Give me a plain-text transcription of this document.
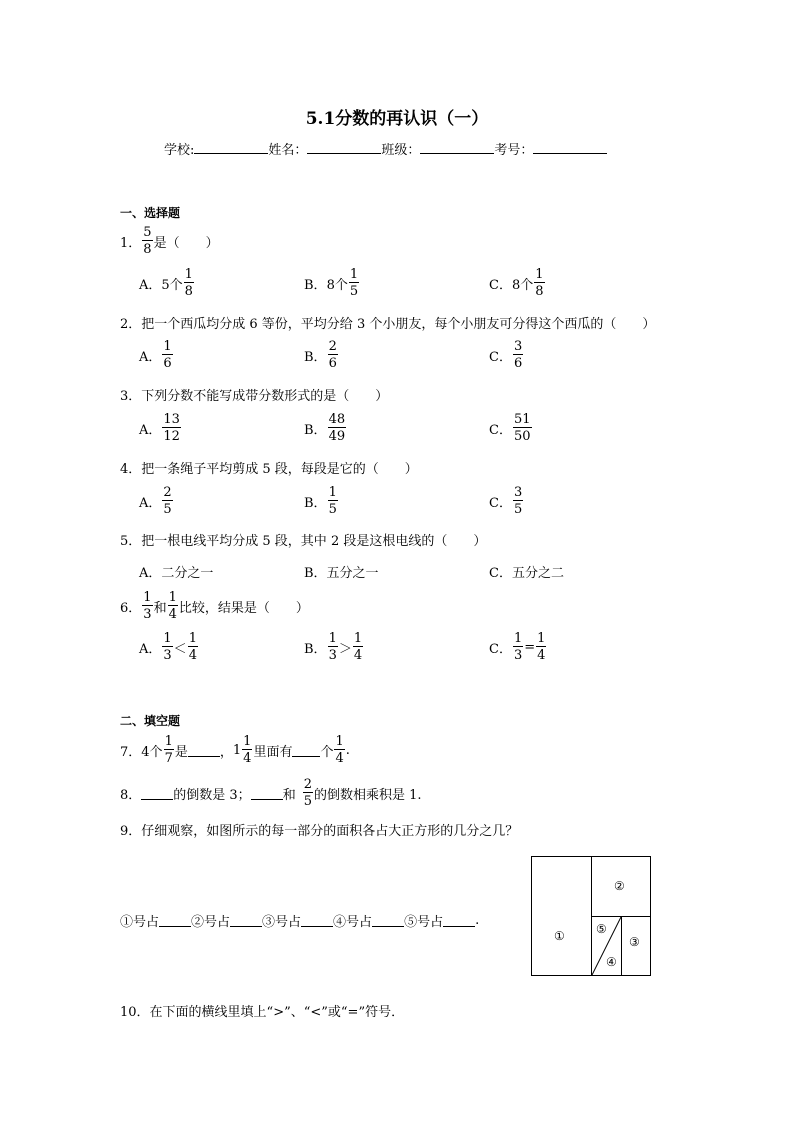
5.1分数的再认识（一）
学校:	姓名：	班级：	考号：
一、选择题
1． $\frac{5}{8}$ 是（　　）
A． 5个 $\frac{1}{8}$	B． 8个 $\frac{1}{5}$	C． 8个 $\frac{1}{8}$
2．把一个西瓜均分成 6 等份，平均分给 3 个小朋友，每个小朋友可分得这个西瓜的（　　）
A． $\frac{1}{6}$	B． $\frac{2}{6}$	C． $\frac{3}{6}$
3．下列分数不能写成带分数形式的是（　　）
A． $\frac{13}{12}$	B． $\frac{48}{49}$	C． $\frac{51}{50}$
4．把一条绳子平均剪成 5 段，每段是它的（　　）
A． $\frac{2}{5}$	B． $\frac{1}{5}$	C． $\frac{3}{5}$
5．把一根电线平均分成 5 段，其中 2 段是这根电线的（　　）
A．二分之一	B．五分之一	C．五分之二
6． $\frac{1}{3}$ 和 $\frac{1}{4}$ 比较，结果是（　　）
A． $\frac{1}{3} < \frac{1}{4}$	B． $\frac{1}{3} > \frac{1}{4}$	C． $\frac{1}{3} = \frac{1}{4}$
二、填空题
7． 4个 $\frac{1}{7}$ 是 ， $1 \frac{1}{4}$ 里面有 个 $\frac{1}{4}$ .
8． 的倒数是 3； 和 $\frac{2}{5}$ 的倒数相乘积是 1.
9．仔细观察，如图所示的每一部分的面积各占大正方形的几分之几？
①号占 ②号占 ③号占 ④号占 ⑤号占 .
①
②
③
④
⑤
10．在下面的横线里填上“>”、“<”或“=”符号．
